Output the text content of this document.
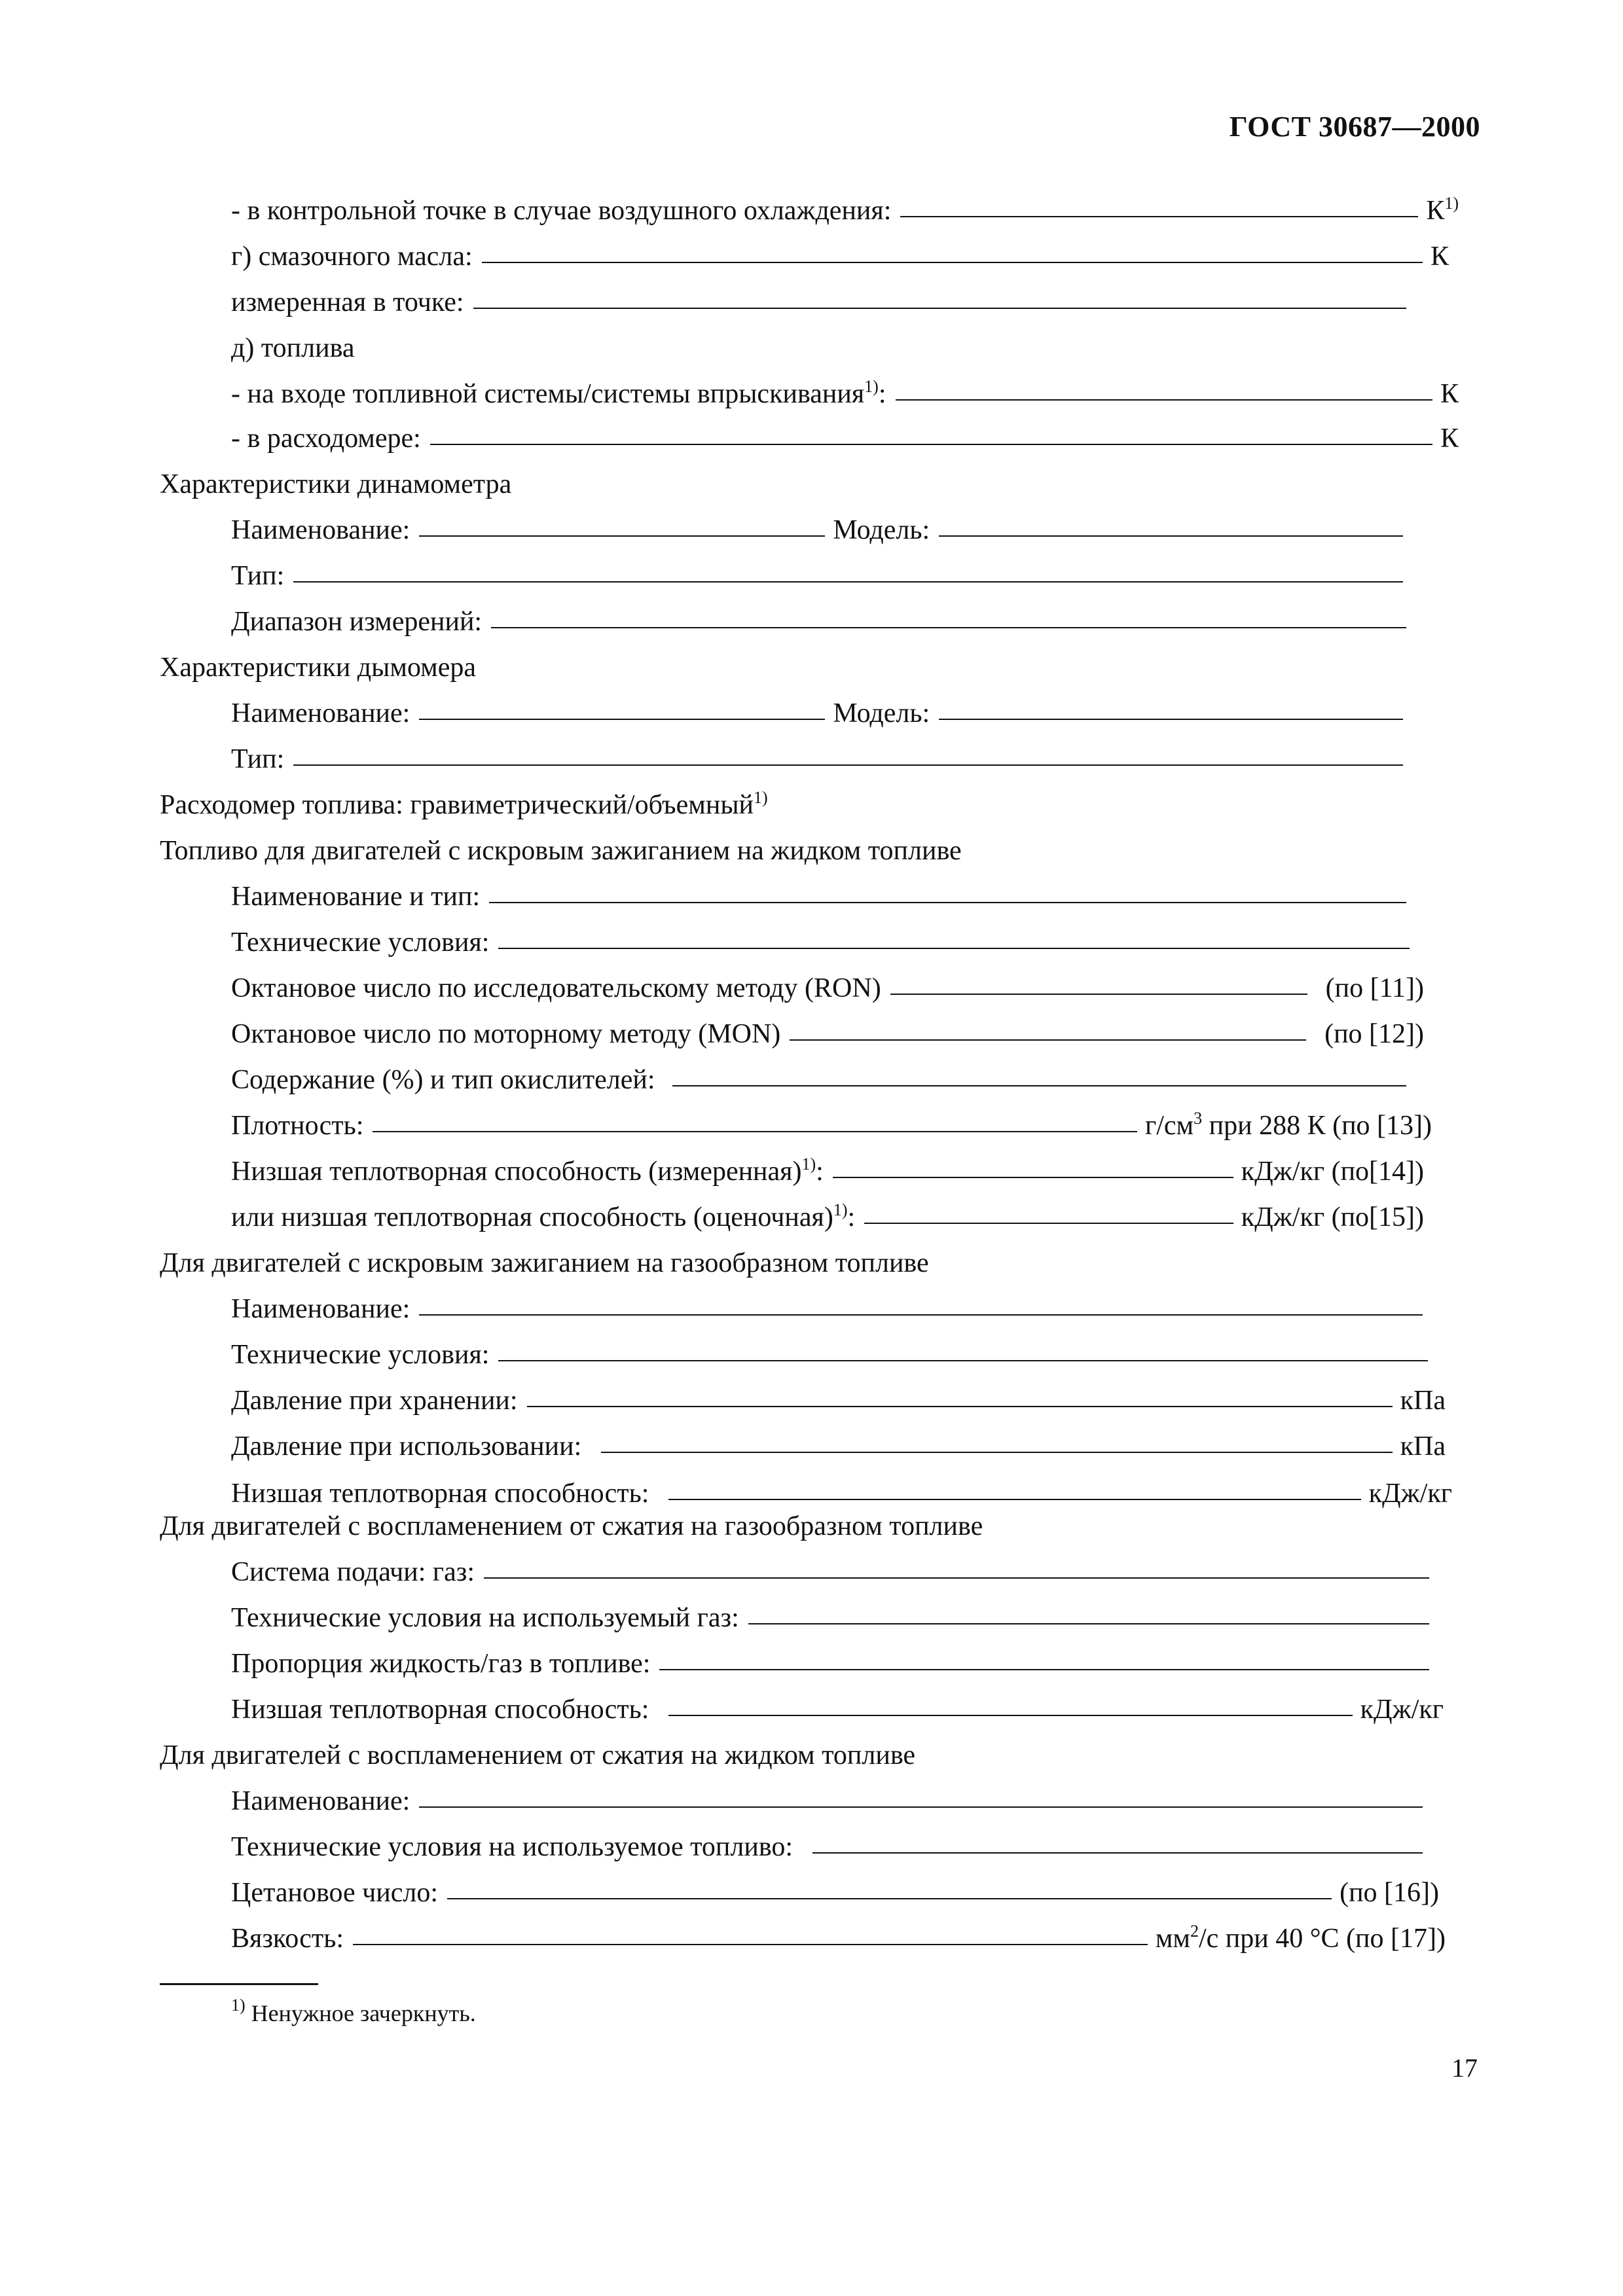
ГОСТ 30687—2000
- в контрольной точке в случае воздушного охлаждения:	$К^{1)}$
г) смазочного масла:	К
измеренная в точке:
д) топлива
- на входе топливной системы/системы впрыскивания$^{1)}$:	К
- в расходомере:	К
Характеристики динамометра
Наименование:	Модель:
Тип:
Диапазон измерений:
Характеристики дымомера
Наименование:	Модель:
Тип:
Расходомер топлива: гравиметрический/объемный$^{1)}$
Топливо для двигателей с искровым зажиганием на жидком топливе
Наименование и тип:
Технические условия:
Октановое число по исследовательскому методу (RON)	(по [11])
Октановое число по моторному методу (MON)	(по [12])
Содержание (%) и тип окислителей:
Плотность:	$г/см^3$ при 288 К (по [13])
Низшая теплотворная способность (измеренная)$^{1)}$:	кДж/кг (по[14])
или низшая теплотворная способность (оценочная)$^{1)}$:	кДж/кг (по[15])
Для двигателей с искровым зажиганием на газообразном топливе
Наименование:
Технические условия:
Давление при хранении:	кПа
Давление при использовании:	кПа
Низшая теплотворная способность:	кДж/кг
Для двигателей с воспламенением от сжатия на газообразном топливе
Система подачи: газ:
Технические условия на используемый газ:
Пропорция жидкость/газ в топливе:
Низшая теплотворная способность:	кДж/кг
Для двигателей с воспламенением от сжатия на жидком топливе
Наименование:
Технические условия на используемое топливо:
Цетановое число:	(по [16])
Вязкость:	$мм^2/с$ при 40 °С (по [17])
$^{1)}$ Ненужное зачеркнуть.
17
